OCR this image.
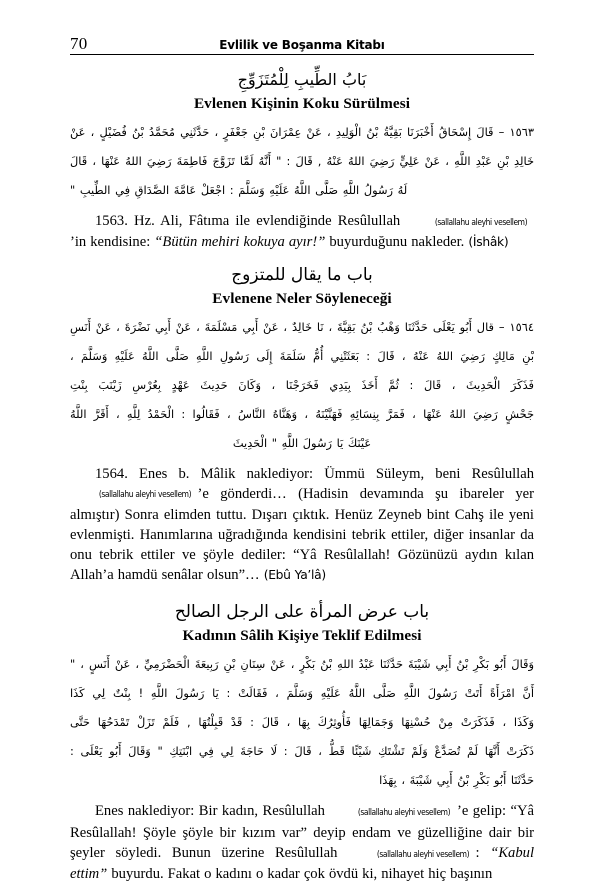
70	Evlilik ve Boşanma Kitabı
بَابُ الطِّيبِ لِلْمُتَزَوِّجِ
Evlenen Kişinin Koku Sürülmesi
١٥٦٣ – قَالَ إِسْحَاقُ أَخْبَرَنَا بَقِيَّةُ بْنُ الْوَلِيدِ ، عَنْ عِمْرَانَ بْنِ جَعْفَرٍ ، حَدَّثَنِي مُحَمَّدُ بْنُ فُضَيْلٍ ، عَنْ
خَالِدِ بْنِ عَبْدِ اللَّهِ ، عَنْ عَلِيٍّ رَضِيَ اللهُ عَنْهُ , قَالَ : " أَنَّهُ لَمَّا تَزَوَّجَ فَاطِمَةَ رَضِيَ اللهُ عَنْهَا ، قَالَ
لَهُ رَسُولُ اللَّهِ صَلَّى اللَّهُ عَلَيْهِ وَسَلَّمَ : اجْعَلْ عَامَّةَ الصَّدَاقِ فِي الطِّيبِ "

1563. Hz. Ali, Fâtıma ile evlendiğinde Resûlullah	(sallallahu aleyhi vesellem)’in kendisine: “Bütün mehiri kokuya ayır!” buyurduğunu nakleder. (İshâk)

باب ما يقال للمتزوج
Evlenene Neler Söyleneceği
١٥٦٤ – قال أَبُو يَعْلَى حَدَّثَنَا وَهْبُ بْنُ بَقِيَّةَ ، نَا خَالِدٌ ، عَنْ أَبِي مَسْلَمَةَ ، عَنْ أَبِي نَضْرَةَ ، عَنْ أَنَسِ
بْنِ مَالِكٍ رَضِيَ اللهُ عَنْهُ ، قَالَ : بَعَثَتْنِي أُمُّ سَلَمَةَ إِلَى رَسُولِ اللَّهِ صَلَّى اللَّهُ عَلَيْهِ وَسَلَّمَ ،
فَذَكَرَ الْحَدِيثَ ، قَالَ : ثُمَّ أَخَذَ بِيَدِي فَخَرَجْنَا ، وَكَانَ حَدِيثَ عَهْدٍ بِعُرْسِ زَيْنَبَ بِنْتِ
جَحْشٍ رَضِيَ اللهُ عَنْهَا ، فَمَرَّ بِنِسَائِهِ فَهَنَّيْنَهُ ، وَهَنَّاهُ النَّاسُ ، فَقَالُوا : الْحَمْدُ لِلَّهِ ، أَقَرَّ اللَّهُ
عَيْنَكَ يَا رَسُولَ اللَّهِ " الْحَدِيثَ

1564. Enes b. Mâlik naklediyor: Ümmü Süleym, beni Resûlullah (sallallahu aleyhi vesellem) ’e gönderdi… (Hadisin devamında şu ibareler yer almıştır) Sonra elimden tuttu. Dışarı çıktık. Henüz Zeyneb bint Cahş ile yeni evlenmişti. Hanımlarına uğradığında kendisini tebrik ettiler, diğer insanlar da onu tebrik ettiler ve şöyle dediler: “Yâ Resûlallah! Gözünüzü aydın kılan Allah’a hamdü senâlar olsun”… (Ebû Ya’lâ)

باب عرض المرأة على الرجل الصالح
Kadının Sâlih Kişiye Teklif Edilmesi
وَقَالَ أَبُو بَكْرِ بْنُ أَبِي شَيْبَةَ حَدَّثَنَا عَبْدُ اللهِ بْنُ بَكْرٍ ، عَنْ سِنَانِ بْنِ رَبِيعَةَ الْحَضْرَمِيِّ ، عَنْ أَنَسٍ ، "
أَنَّ امْرَأَةً أَتَتْ رَسُولَ اللَّهِ صَلَّى اللَّهُ عَلَيْهِ وَسَلَّمَ ، فَقَالَتْ : يَا رَسُولَ اللَّهِ ! بِنْتٌ لِي كَذَا
وَكَذَا ، فَذَكَرَتْ مِنْ حُسْنِهَا وَجَمَالِهَا فَأُوثِرُكَ بِهَا ، قَالَ : قَدْ قَبِلْتُهَا , فَلَمْ تَزَلْ تَمْدَحُهَا حَتَّى
ذَكَرَتْ أَنَّهَا لَمْ تُصَدَّعْ وَلَمْ تَشْتَكِ شَيْئًا قَطُّ ، قَالَ : لَا حَاجَةَ لِي فِي ابْنَتِكِ " وَقَالَ أَبُو يَعْلَى :
حَدَّثَنَا أَبُو بَكْرِ بْنُ أَبِي شَيْبَةَ ، بِهَذَا

Enes naklediyor: Bir kadın, Resûlullah	(sallallahu aleyhi vesellem) ’e gelip: “Yâ Resûlallah! Şöyle şöyle bir kızım var” deyip endam ve güzelliğine dair bir şeyler söyledi. Bunun üzerine Resûlullah	(sallallahu aleyhi vesellem) : “Kabul ettim” buyurdu. Fakat o kadını o kadar çok övdü ki, nihayet hiç başının
